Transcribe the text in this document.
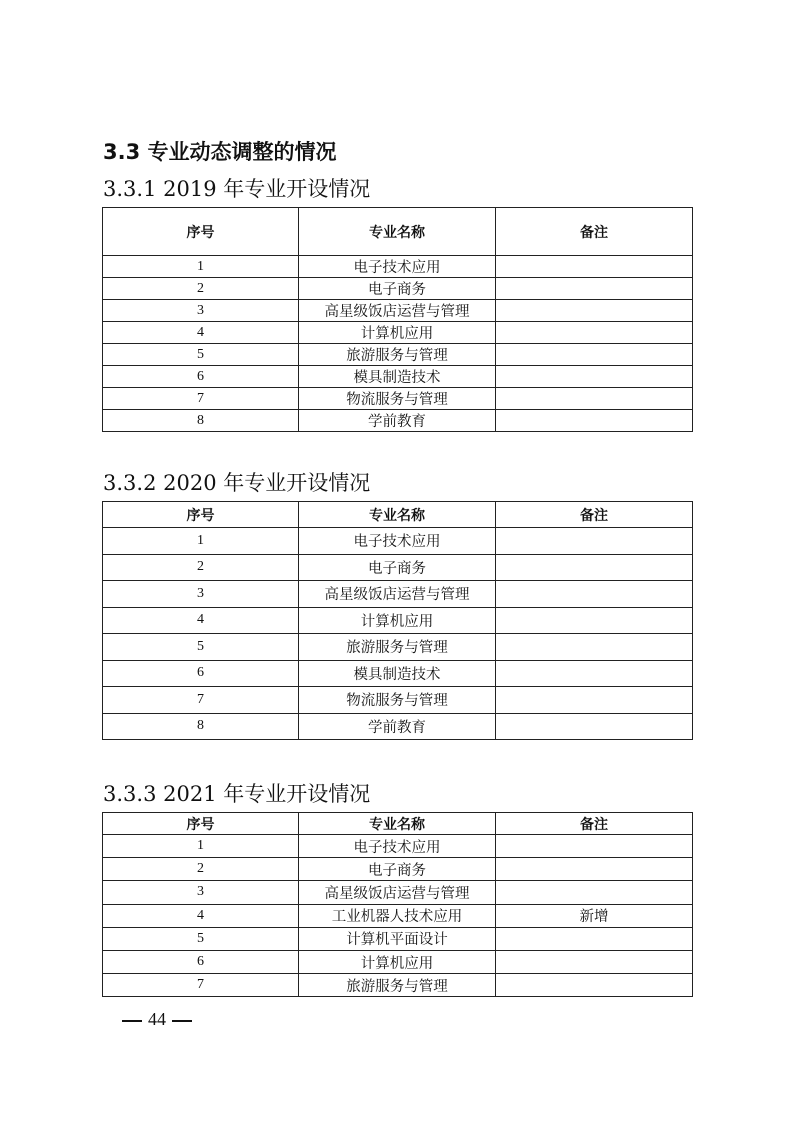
3.3 专业动态调整的情况
3.3.1 2019 年专业开设情况
序号	专业名称	备注
1	电子技术应用	
2	电子商务	
3	高星级饭店运营与管理	
4	计算机应用	
5	旅游服务与管理	
6	模具制造技术	
7	物流服务与管理	
8	学前教育	
3.3.2 2020 年专业开设情况
序号	专业名称	备注
1	电子技术应用	
2	电子商务	
3	高星级饭店运营与管理	
4	计算机应用	
5	旅游服务与管理	
6	模具制造技术	
7	物流服务与管理	
8	学前教育	
3.3.3 2021 年专业开设情况
序号	专业名称	备注
1	电子技术应用	
2	电子商务	
3	高星级饭店运营与管理	
4	工业机器人技术应用	新增
5	计算机平面设计	
6	计算机应用	
7	旅游服务与管理	
44
